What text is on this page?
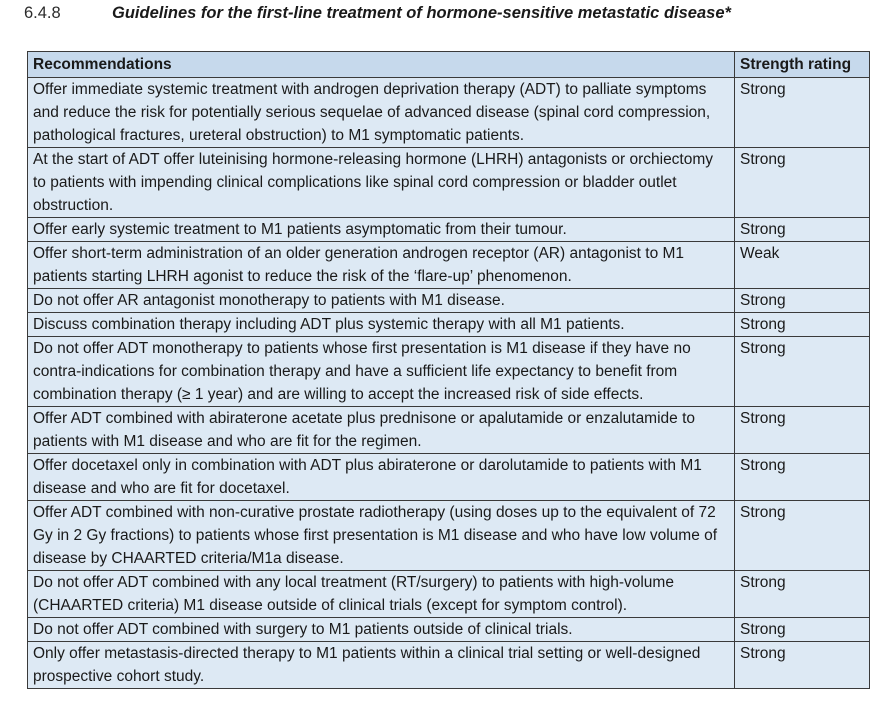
6.4.8	Guidelines for the first-line treatment of hormone-sensitive metastatic disease*
Recommendations	Strength rating
Offer immediate systemic treatment with androgen deprivation therapy (ADT) to palliate symptoms and reduce the risk for potentially serious sequelae of advanced disease (spinal cord compression, pathological fractures, ureteral obstruction) to M1 symptomatic patients.	Strong
At the start of ADT offer luteinising hormone-releasing hormone (LHRH) antagonists or orchiectomy to patients with impending clinical complications like spinal cord compression or bladder outlet obstruction.	Strong
Offer early systemic treatment to M1 patients asymptomatic from their tumour.	Strong
Offer short-term administration of an older generation androgen receptor (AR) antagonist to M1 patients starting LHRH agonist to reduce the risk of the ‘flare-up’ phenomenon.	Weak
Do not offer AR antagonist monotherapy to patients with M1 disease.	Strong
Discuss combination therapy including ADT plus systemic therapy with all M1 patients.	Strong
Do not offer ADT monotherapy to patients whose first presentation is M1 disease if they have no contra-indications for combination therapy and have a sufficient life expectancy to benefit from combination therapy (≥ 1 year) and are willing to accept the increased risk of side effects.	Strong
Offer ADT combined with abiraterone acetate plus prednisone or apalutamide or enzalutamide to patients with M1 disease and who are fit for the regimen.	Strong
Offer docetaxel only in combination with ADT plus abiraterone or darolutamide to patients with M1 disease and who are fit for docetaxel.	Strong
Offer ADT combined with non-curative prostate radiotherapy (using doses up to the equivalent of 72 Gy in 2 Gy fractions) to patients whose first presentation is M1 disease and who have low volume of disease by CHAARTED criteria/M1a disease.	Strong
Do not offer ADT combined with any local treatment (RT/surgery) to patients with high-volume (CHAARTED criteria) M1 disease outside of clinical trials (except for symptom control).	Strong
Do not offer ADT combined with surgery to M1 patients outside of clinical trials.	Strong
Only offer metastasis-directed therapy to M1 patients within a clinical trial setting or well-designed prospective cohort study.	Strong
